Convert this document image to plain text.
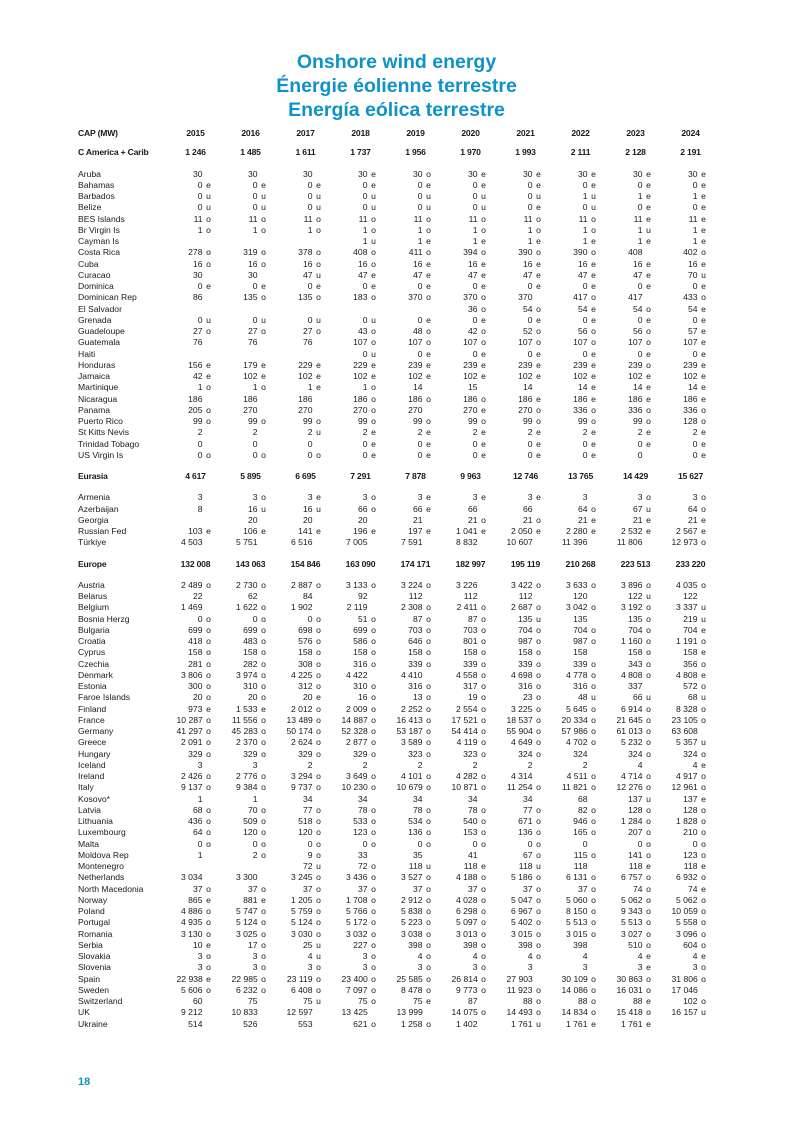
Onshore wind energy
Énergie éolienne terrestre
Energía eólica terrestre
CAP (MW)	2015	2016	2017	2018	2019	2020	2021	2022	2023	2024

C America + Carib	1 246	1 485	1 611	1 737	1 956	1 970	1 993	2 111	2 128	2 191

Aruba	30	30	30	30 e	30 o	30 e	30 e	30 e	30 e	30 e
Bahamas	0 e	0 e	0 e	0 e	0 e	0 e	0 e	0 e	0 e	0 e
Barbados	0 u	0 u	0 u	0 u	0 u	0 u	0 u	1 u	1 e	1 e
Belize	0 u	0 u	0 u	0 u	0 u	0 u	0 e	0 u	0 e	0 e
BES Islands	11 o	11 o	11 o	11 o	11 o	11 o	11 o	11 o	11 e	11 e
Br Virgin Is	1 o	1 o	1 o	1 o	1 o	1 o	1 o	1 o	1 u	1 e
Cayman Is				1 u	1 e	1 e	1 e	1 e	1 e	1 e
Costa Rica	278 o	319 o	378 o	408 o	411 o	394 o	390 o	390 o	408	402 o
Cuba	16 o	16 o	16 o	16 o	16 e	16 e	16 e	16 e	16 e	16 e
Curacao	30	30	47 u	47 e	47 e	47 e	47 e	47 e	47 e	70 u
Dominica	0 e	0 e	0 e	0 e	0 e	0 e	0 e	0 e	0 e	0 e
Dominican Rep	86	135 o	135 o	183 o	370 o	370 o	370	417 o	417	433 o
El Salvador						36 o	54 o	54 e	54 o	54 e
Grenada	0 u	0 u	0 u	0 u	0 e	0 e	0 e	0 e	0 e	0 e
Guadeloupe	27 o	27 o	27 o	43 o	48 o	42 o	52 o	56 o	56 o	57 e
Guatemala	76	76	76	107 o	107 o	107 o	107 o	107 o	107 o	107 e
Haiti				0 u	0 e	0 e	0 e	0 e	0 e	0 e
Honduras	156 e	179 e	229 e	229 e	239 e	239 e	239 e	239 e	239 o	239 e
Jamaica	42 e	102 e	102 e	102 e	102 e	102 e	102 e	102 e	102 e	102 e
Martinique	1 o	1 o	1 e	1 o	14	15	14	14 e	14 e	14 e
Nicaragua	186	186	186	186 o	186 o	186 o	186 e	186 e	186 e	186 e
Panama	205 o	270	270	270 o	270	270 e	270 o	336 o	336 o	336 o
Puerto Rico	99 o	99 o	99 o	99 o	99 o	99 o	99 o	99 o	99 o	128 o
St Kitts Nevis	2	2	2 u	2 e	2 e	2 e	2 e	2 e	2 e	2 e
Trinidad Tobago	0	0	0	0 e	0 e	0 e	0 e	0 e	0 e	0 e
US Virgin Is	0 o	0 o	0 o	0 e	0 e	0 e	0 e	0 e	0	0 e

Eurasia	4 617	5 895	6 695	7 291	7 878	9 963	12 746	13 765	14 429	15 627

Armenia	3	3 o	3 e	3 o	3 e	3 e	3 e	3	3 o	3 o
Azerbaijan	8	16 u	16 u	66 o	66 e	66	66	64 o	67 u	64 o
Georgia		20	20	20	21	21 o	21 o	21 e	21 e	21 e
Russian Fed	103 e	106 e	141 e	196 e	197 e	1 041 e	2 050 e	2 280 e	2 532 e	2 567 e
Türkiye	4 503	5 751	6 516	7 005	7 591	8 832	10 607	11 396	11 806	12 973 o

Europe	132 008	143 063	154 846	163 090	174 171	182 997	195 119	210 268	223 513	233 220

Austria	2 489 o	2 730 o	2 887 o	3 133 o	3 224 o	3 226	3 422 o	3 633 o	3 896 o	4 035 o
Belarus	22	62	84	92	112	112	112	120	122 u	122
Belgium	1 469	1 622 o	1 902	2 119	2 308 o	2 411 o	2 687 o	3 042 o	3 192 o	3 337 u
Bosnia Herzg	0 o	0 o	0 o	51 o	87 o	87 o	135 u	135	135 o	219 u
Bulgaria	699 o	699 o	698 o	699 o	703 o	703 o	704 o	704 o	704 o	704 e
Croatia	418 o	483 o	576 o	586 o	646 o	801 o	987 o	987 o	1 160 o	1 191 o
Cyprus	158 o	158 o	158 o	158 o	158 o	158 o	158 o	158	158 o	158 e
Czechia	281 o	282 o	308 o	316 o	339 o	339 o	339 o	339 o	343 o	356 o
Denmark	3 806 o	3 974 o	4 225 o	4 422	4 410	4 558 o	4 698 o	4 778 o	4 808 o	4 808 e
Estonia	300 o	310 o	312 o	310 o	316 o	317 o	316 o	316 o	337	572 o
Faroe Islands	20 o	20 o	20 e	16 o	13 o	19 o	23 o	48 u	66 u	68 u
Finland	973 e	1 533 e	2 012 o	2 009 o	2 252 o	2 554 o	3 225 o	5 645 o	6 914 o	8 328 o
France	10 287 o	11 556 o	13 489 o	14 887 o	16 413 o	17 521 o	18 537 o	20 334 o	21 645 o	23 105 o
Germany	41 297 o	45 283 o	50 174 o	52 328 o	53 187 o	54 414 o	55 904 o	57 986 o	61 013 o	63 608
Greece	2 091 o	2 370 o	2 624 o	2 877 o	3 589 o	4 119 o	4 649 o	4 702 o	5 232 o	5 357 u
Hungary	329 o	329 o	329 o	329 o	323 o	323 o	324 o	324	324 o	324 o
Iceland	3	3	2	2	2	2	2	2	4	4 e
Ireland	2 426 o	2 776 o	3 294 o	3 649 o	4 101 o	4 282 o	4 314	4 511 o	4 714 o	4 917 o
Italy	9 137 o	9 384 o	9 737 o	10 230 o	10 679 o	10 871 o	11 254 o	11 821 o	12 276 o	12 961 o
Kosovo*	1	1	34	34	34	34	34	68	137 u	137 e
Latvia	68 o	70 o	77 o	78 o	78 o	78 o	77 o	82 o	128 o	128 o
Lithuania	436 o	509 o	518 o	533 o	534 o	540 o	671 o	946 o	1 284 o	1 828 o
Luxembourg	64 o	120 o	120 o	123 o	136 o	153 o	136 o	165 o	207 o	210 o
Malta	0 o	0 o	0 o	0 o	0 o	0 o	0 o	0	0 o	0 o
Moldova Rep	1	2 o	9 o	33	35	41	67 o	115 o	141 o	123 o
Montenegro			72 u	72 o	118 u	118 e	118 u	118	118 e	118 e
Netherlands	3 034	3 300	3 245 o	3 436 o	3 527 o	4 188 o	5 186 o	6 131 o	6 757 o	6 932 o
North Macedonia	37 o	37 o	37 o	37 o	37 o	37 o	37 o	37 o	74 o	74 e
Norway	865 e	881 e	1 205 o	1 708 o	2 912 o	4 028 o	5 047 o	5 060 o	5 062 o	5 062 o
Poland	4 886 o	5 747 o	5 759 o	5 766 o	5 838 o	6 298 o	6 967 o	8 150 o	9 343 o	10 059 o
Portugal	4 935 o	5 124 o	5 124 o	5 172 o	5 223 o	5 097 o	5 402 o	5 513 o	5 513 o	5 558 o
Romania	3 130 o	3 025 o	3 030 o	3 032 o	3 038 o	3 013 o	3 015 o	3 015 o	3 027 o	3 096 o
Serbia	10 e	17 o	25 u	227 o	398 o	398 o	398 o	398	510 o	604 o
Slovakia	3 o	3 o	4 u	3 o	4 o	4 o	4 o	4	4 e	4 e
Slovenia	3 o	3 o	3 o	3 o	3 o	3 o	3	3	3 e	3 o
Spain	22 938 e	22 985 o	23 119 o	23 400 o	25 585 o	26 814 o	27 903	30 109 o	30 863 o	31 806 o
Sweden	5 606 o	6 232 o	6 408 o	7 097 o	8 478 o	9 773 o	11 923 o	14 086 o	16 031 o	17 046
Switzerland	60	75	75 u	75 o	75 e	87	88 o	88 o	88 e	102 o
UK	9 212	10 833	12 597	13 425	13 999	14 075 o	14 493 o	14 834 o	15 418 o	16 157 u
Ukraine	514	526	553	621 o	1 258 o	1 402	1 761 u	1 761 e	1 761 e	
18
